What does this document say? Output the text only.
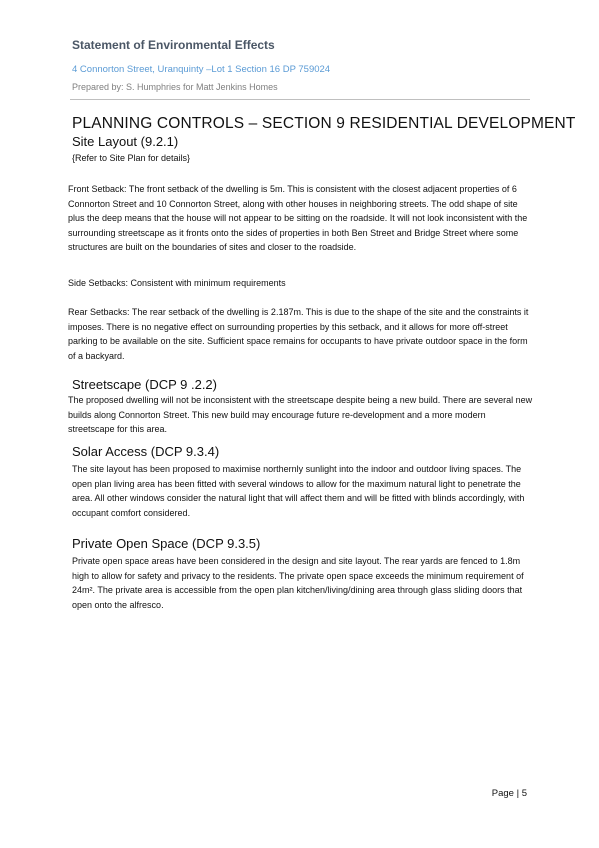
Statement of Environmental Effects
4 Connorton Street, Uranquinty –Lot 1 Section 16 DP 759024
Prepared by: S. Humphries for Matt Jenkins Homes
PLANNING CONTROLS – SECTION 9 RESIDENTIAL DEVELOPMENT
Site Layout (9.2.1)
{Refer to Site Plan for details}

Front Setback: The front setback of the dwelling is 5m. This is consistent with the closest adjacent properties of 6 Connorton Street and 10 Connorton Street, along with other houses in neighboring streets. The odd shape of site plus the deep means that the house will not appear to be sitting on the roadside. It will not look inconsistent with the surrounding streetscape as it fronts onto the sides of properties in both Ben Street and Bridge Street where some structures are built on the boundaries of sites and closer to the roadside.

Side Setbacks: Consistent with minimum requirements

Rear Setbacks: The rear setback of the dwelling is 2.187m. This is due to the shape of the site and the constraints it imposes. There is no negative effect on surrounding properties by this setback, and it allows for more off-street parking to be available on the site. Sufficient space remains for occupants to have private outdoor space in the form of a backyard.

Streetscape (DCP 9 .2.2)

The proposed dwelling will not be inconsistent with the streetscape despite being a new build. There are several new builds along Connorton Street. This new build may encourage future re-development and a more modern streetscape for this area.

Solar Access (DCP 9.3.4)

The site layout has been proposed to maximise northernly sunlight into the indoor and outdoor living spaces. The open plan living area has been fitted with several windows to allow for the maximum natural light to penetrate the area. All other windows consider the natural light that will affect them and will be fitted with blinds accordingly, with occupant comfort considered.

Private Open Space (DCP 9.3.5)

Private open space areas have been considered in the design and site layout. The rear yards are fenced to 1.8m high to allow for safety and privacy to the residents. The private open space exceeds the minimum requirement of 24m². The private area is accessible from the open plan kitchen/living/dining area through glass sliding doors that open onto the alfresco.

Page | 5
